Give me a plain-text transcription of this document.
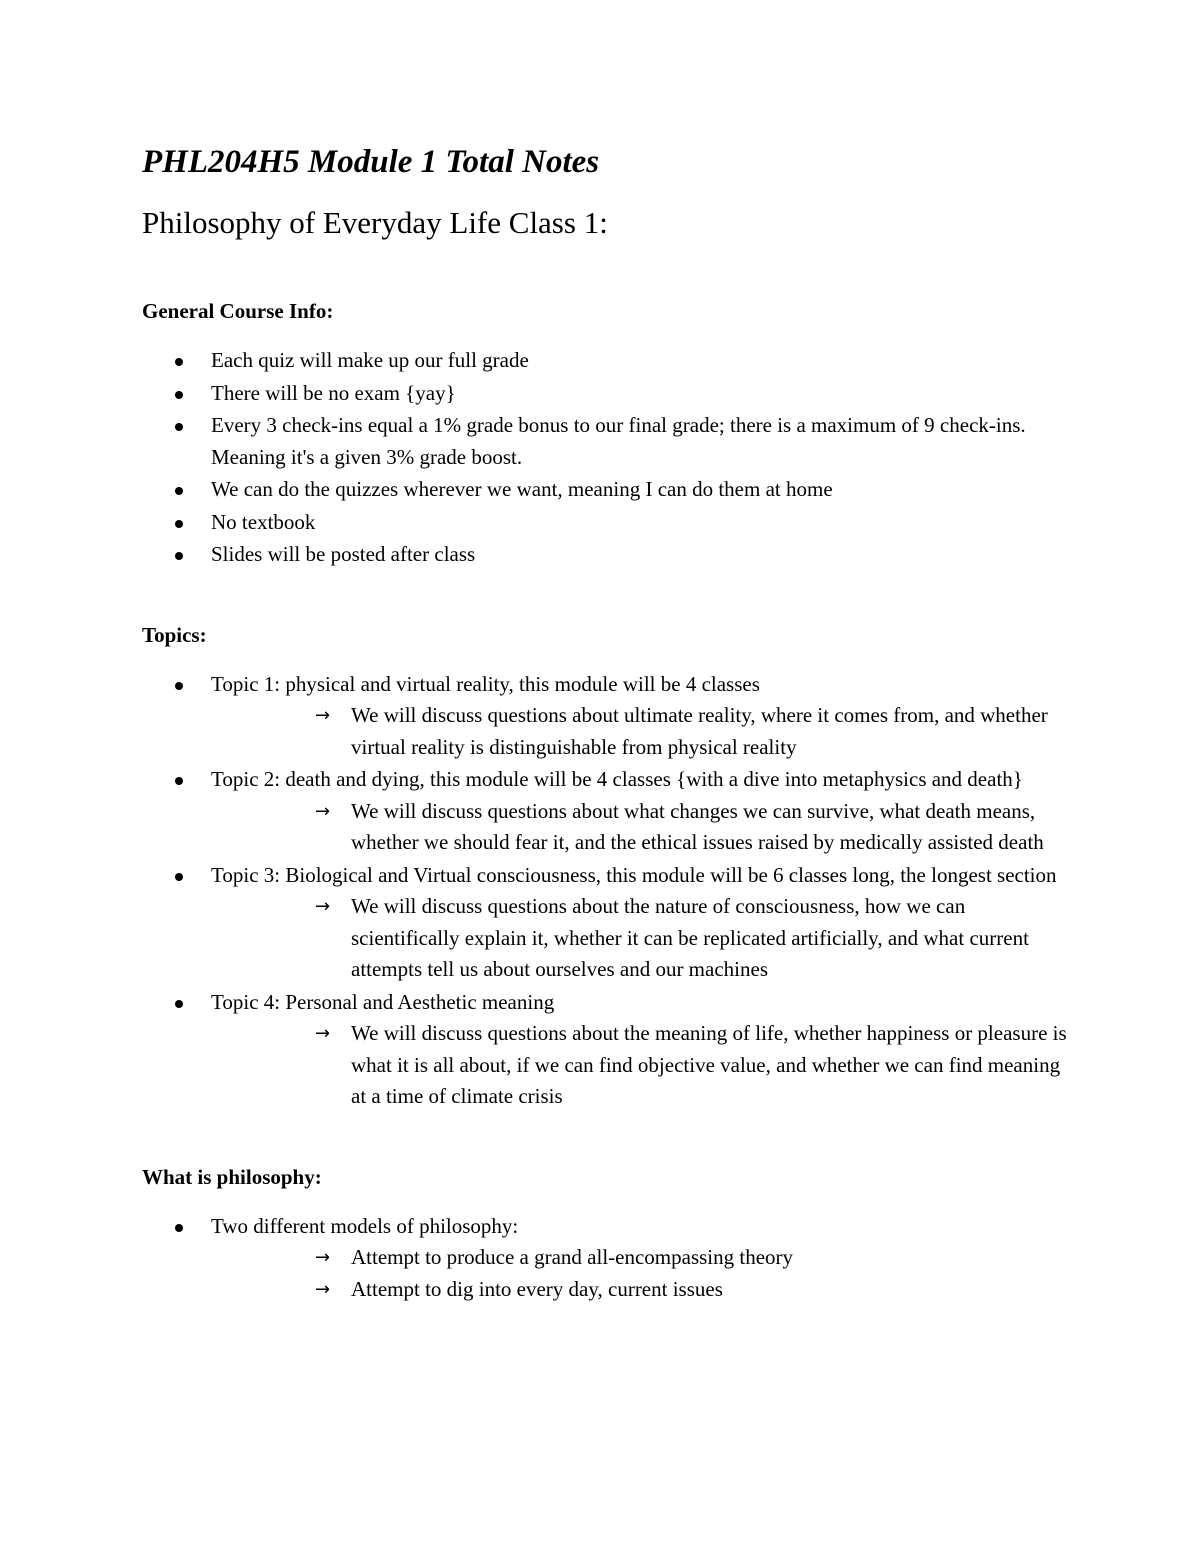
PHL204H5 Module 1 Total Notes
Philosophy of Everyday Life Class 1:
General Course Info:
Each quiz will make up our full grade
There will be no exam {yay}
Every 3 check-ins equal a 1% grade bonus to our final grade; there is a maximum of 9 check-ins. Meaning it's a given 3% grade boost.
We can do the quizzes wherever we want, meaning I can do them at home
No textbook
Slides will be posted after class
Topics:
Topic 1: physical and virtual reality, this module will be 4 classes
→ We will discuss questions about ultimate reality, where it comes from, and whether virtual reality is distinguishable from physical reality
Topic 2: death and dying, this module will be 4 classes {with a dive into metaphysics and death}
→ We will discuss questions about what changes we can survive, what death means, whether we should fear it, and the ethical issues raised by medically assisted death
Topic 3: Biological and Virtual consciousness, this module will be 6 classes long, the longest section
→ We will discuss questions about the nature of consciousness, how we can scientifically explain it, whether it can be replicated artificially, and what current attempts tell us about ourselves and our machines
Topic 4: Personal and Aesthetic meaning
→ We will discuss questions about the meaning of life, whether happiness or pleasure is what it is all about, if we can find objective value, and whether we can find meaning at a time of climate crisis
What is philosophy:
Two different models of philosophy:
→ Attempt to produce a grand all-encompassing theory
→ Attempt to dig into every day, current issues
